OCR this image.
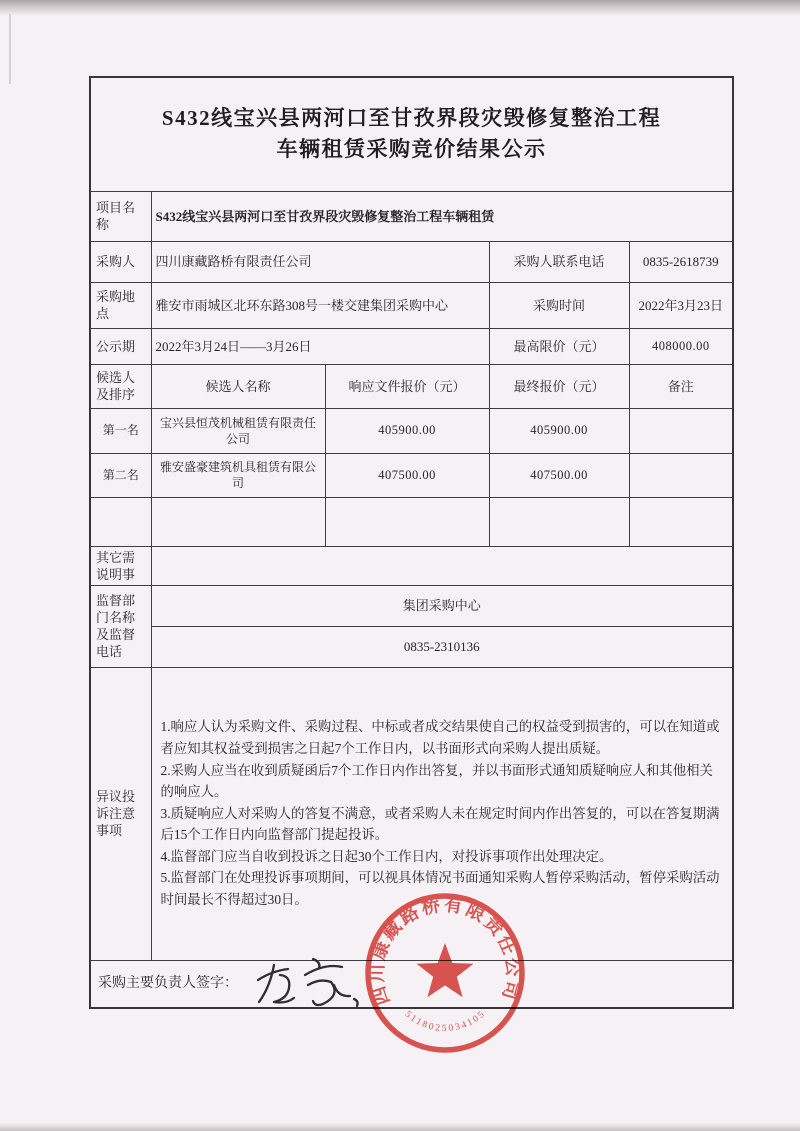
S432线宝兴县两河口至甘孜界段灾毁修复整治工程
车辆租赁采购竞价结果公示				

项目名称	S432线宝兴县两河口至甘孜界段灾毁修复整治工程车辆租赁			
采购人	四川康藏路桥有限责任公司		采购人联系电话	0835-2618739
采购地点	雅安市雨城区北环东路308号一楼交建集团采购中心		采购时间	2022年3月23日
公示期	2022年3月24日——3月26日		最高限价（元）	408000.00
候选人及排序	候选人名称	响应文件报价（元）	最终报价（元）	备注
第一名	宝兴县恒茂机械租赁有限责任公司	405900.00	405900.00	
第二名	雅安盛豪建筑机具租赁有限公司	407500.00	407500.00	

其它需说明事				
监督部门名称及监督电话	集团采购中心			
	0835-2310136			
异议投诉注意事项	1.响应人认为采购文件、采购过程、中标或者成交结果使自己的权益受到损害的，可以在知道或者应知其权益受到损害之日起7个工作日内，以书面形式向采购人提出质疑。
2.采购人应当在收到质疑函后7个工作日内作出答复，并以书面形式通知质疑响应人和其他相关的响应人。
3.质疑响应人对采购人的答复不满意，或者采购人未在规定时间内作出答复的，可以在答复期满后15个工作日内向监督部门提起投诉。
4.监督部门应当自收到投诉之日起30个工作日内，对投诉事项作出处理决定。
5.监督部门在处理投诉事项期间，可以视具体情况书面通知采购人暂停采购活动，暂停采购活动时间最长不得超过30日。			

采购主要负责人签字：					四川康藏路桥有限责任公司
5118025034105
